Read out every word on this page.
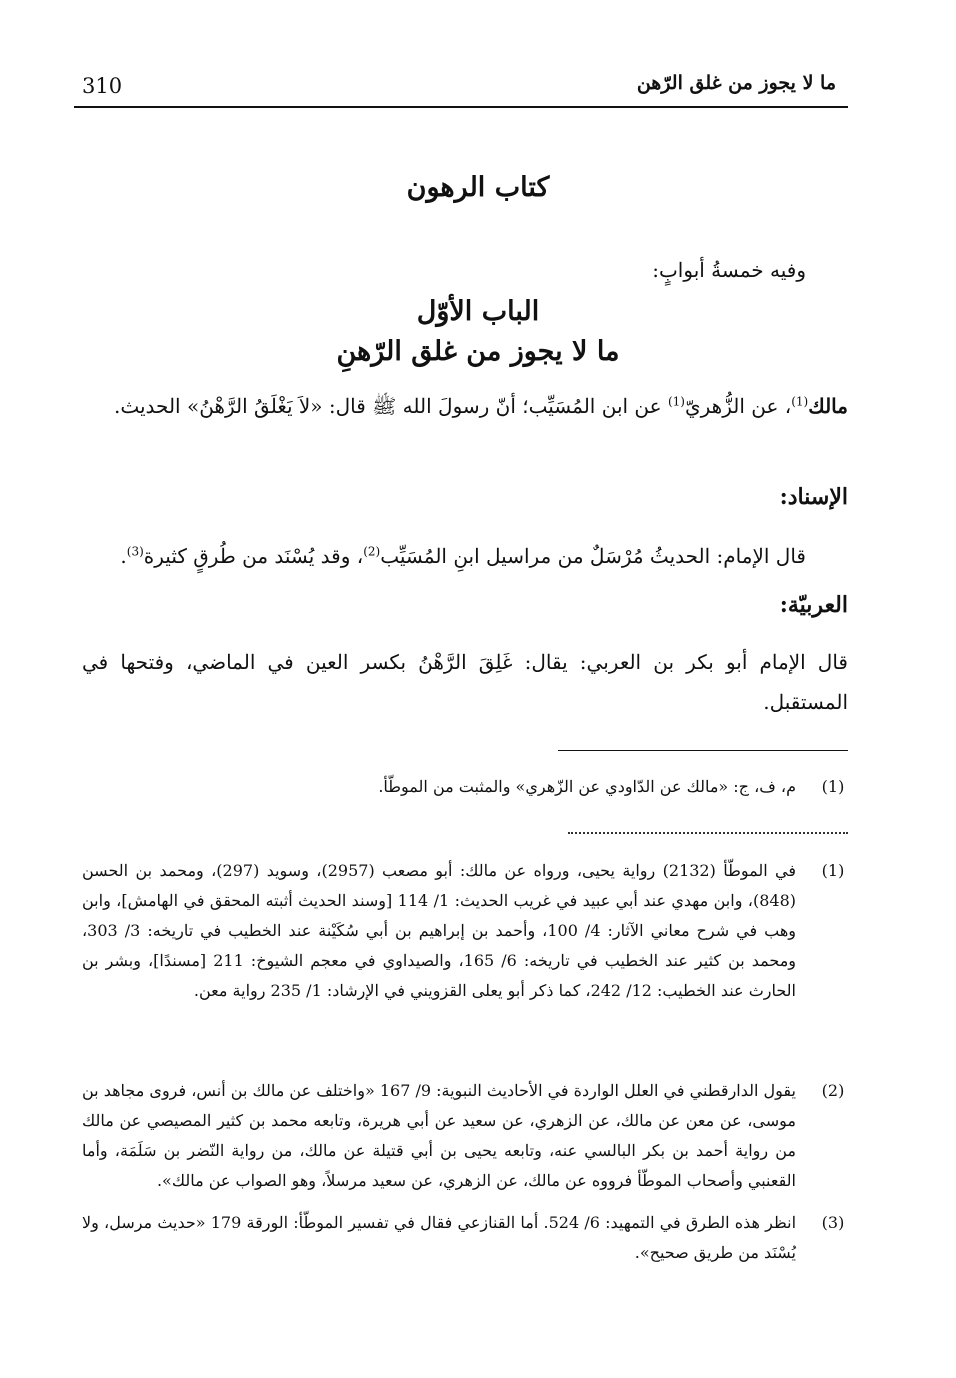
ما لا يجوز من غلق الرّهن
310
كتاب الرهون
وفيه خمسةُ أبوابٍ:
الباب الأوّل
ما لا يجوز من غلق الرّهنِ
مالك$^{(1)}$، عن الزُّهريّ$^{(1)}$ عن ابن المُسَيِّب؛ أنّ رسولَ الله ﷺ قال: «لاَ يَغْلَقُ الرَّهْنُ» الحديث.
الإسناد:
قال الإمام: الحديثُ مُرْسَلٌ من مراسيل ابنِ المُسَيِّب$^{(2)}$، وقد يُسْنَد من طُرقٍ كثيرة$^{(3)}$.
العربيّة:
قال الإمام أبو بكر بن العربي: يقال: غَلِقَ الرَّهْنُ بكسر العين في الماضي، وفتحها في المستقبل.
(1)
م، ف، ج: «مالك عن الدّاودي عن الزّهري» والمثبت من الموطّأ.
(1)
في الموطّأ (2132) رواية يحيى، ورواه عن مالك: أبو مصعب (2957)، وسويد (297)، ومحمد بن الحسن (848)، وابن مهدي عند أبي عبيد في غريب الحديث: 1/ 114 [وسند الحديث أثبته المحقق في الهامش]، وابن وهب في شرح معاني الآثار: 4/ 100، وأحمد بن إبراهيم بن أبي سُكَيْنة عند الخطيب في تاريخه: 3/ 303، ومحمد بن كثير عند الخطيب في تاريخه: 6/ 165، والصيداوي في معجم الشيوخ: 211 [مسندًا]، وبشر بن الحارث عند الخطيب: 12/ 242، كما ذكر أبو يعلى القزويني في الإرشاد: 1/ 235 رواية معن.
(2)
يقول الدارقطني في العلل الواردة في الأحاديث النبوية: 9/ 167 «واختلف عن مالك بن أنس، فروى مجاهد بن موسى، عن معن عن مالك، عن الزهري، عن سعيد عن أبي هريرة، وتابعه محمد بن كثير المصيصي عن مالك من رواية أحمد بن بكر البالسي عنه، وتابعه يحيى بن أبي قتيلة عن مالك، من رواية النّضر بن سَلَمَة، وأما القعنبي وأصحاب الموطّأ فرووه عن مالك، عن الزهري، عن سعيد مرسلاً، وهو الصواب عن مالك».
(3)
انظر هذه الطرق في التمهيد: 6/ 524. أما القنازعي فقال في تفسير الموطّأ: الورقة 179 «حديث مرسل، ولا يُسْنَد من طريق صحيح».
